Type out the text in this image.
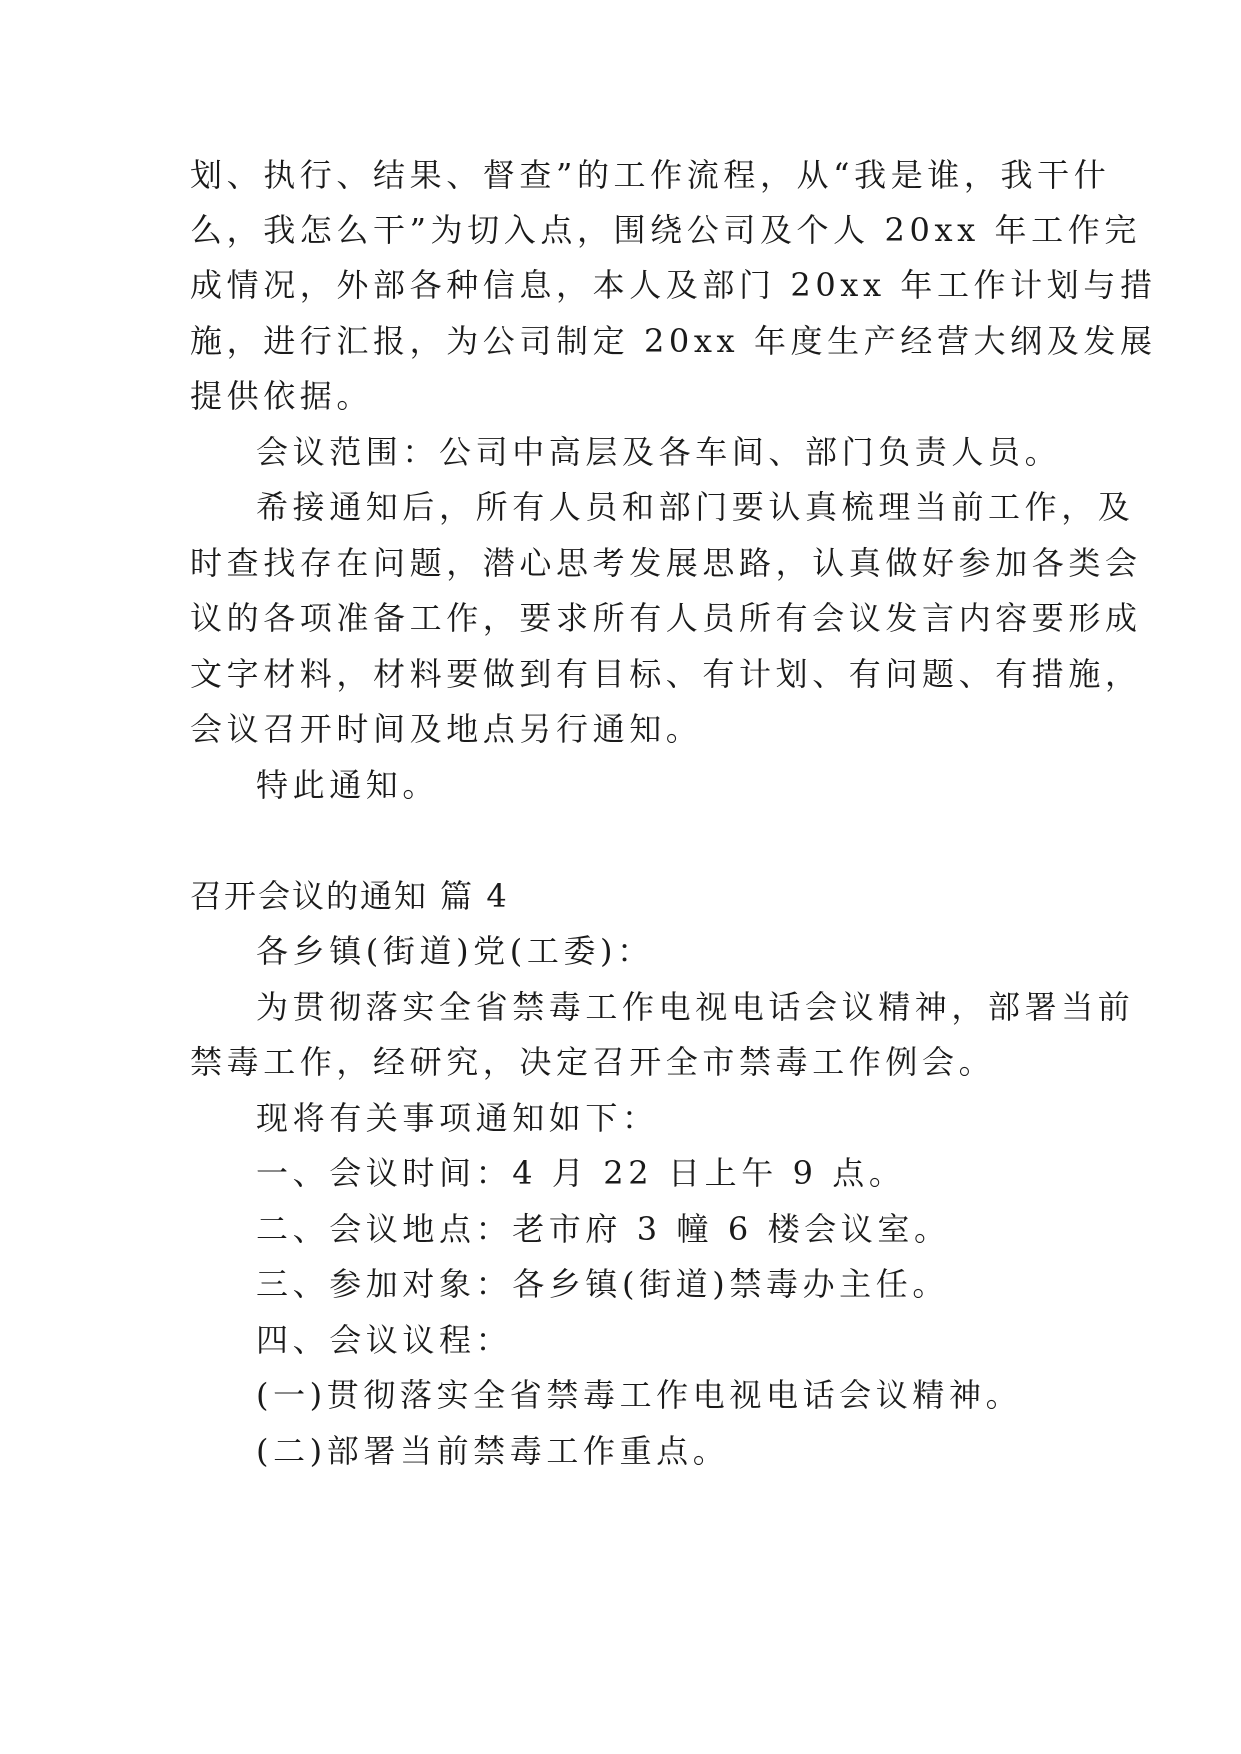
划、执行、结果、督查”的工作流程，从“我是谁，我干什
么，我怎么干”为切入点，围绕公司及个人 20xx 年工作完
成情况，外部各种信息，本人及部门 20xx 年工作计划与措
施，进行汇报，为公司制定 20xx 年度生产经营大纲及发展
提供依据。
会议范围：公司中高层及各车间、部门负责人员。
希接通知后，所有人员和部门要认真梳理当前工作，及
时查找存在问题，潜心思考发展思路，认真做好参加各类会
议的各项准备工作，要求所有人员所有会议发言内容要形成
文字材料，材料要做到有目标、有计划、有问题、有措施，
会议召开时间及地点另行通知。
特此通知。
召开会议的通知 篇 4
各乡镇(街道)党(工委)：
为贯彻落实全省禁毒工作电视电话会议精神，部署当前
禁毒工作，经研究，决定召开全市禁毒工作例会。
现将有关事项通知如下：
一、会议时间：4 月 22 日上午 9 点。
二、会议地点：老市府 3 幢 6 楼会议室。
三、参加对象：各乡镇(街道)禁毒办主任。
四、会议议程：
(一)贯彻落实全省禁毒工作电视电话会议精神。
(二)部署当前禁毒工作重点。
